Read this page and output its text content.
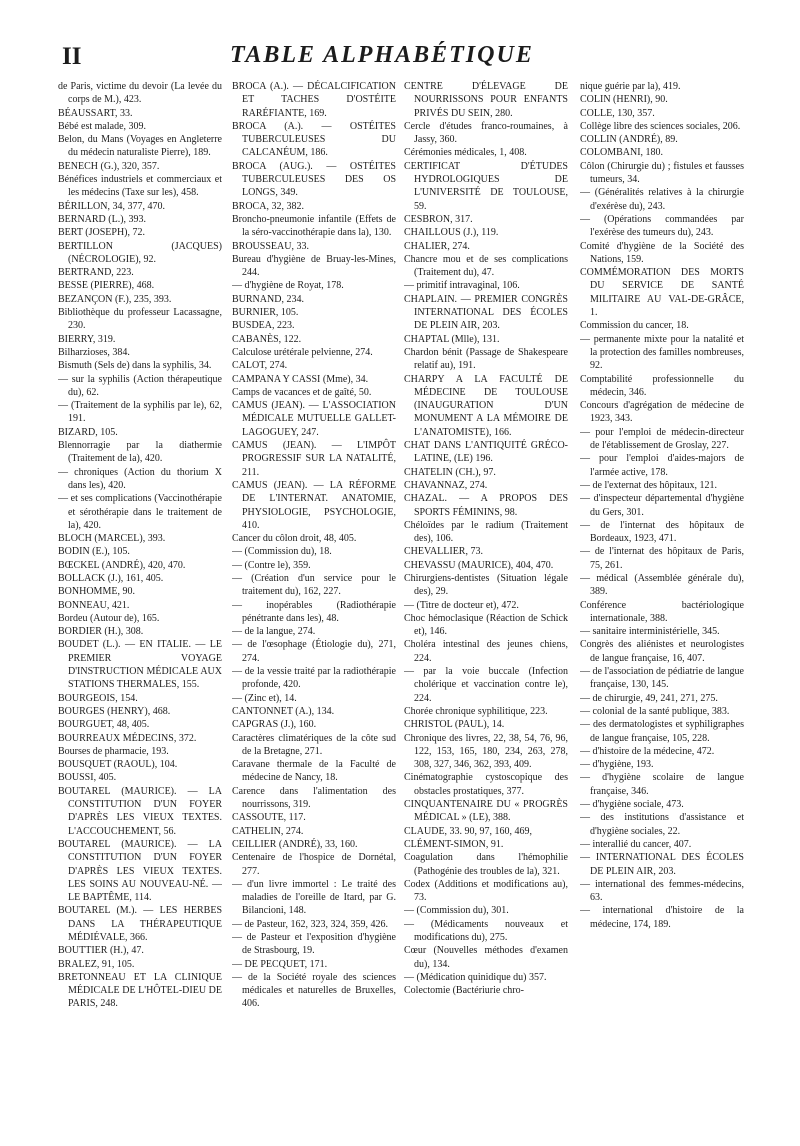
II	TABLE ALPHABÉTIQUE

de Paris, victime du devoir (La levée du corps de M.), 423.

BÉAUSSART, 33.

Bébé est malade, 309.

Belon, du Mans (Voyages en Angleterre du médecin naturaliste Pierre), 189.

BENECH (G.), 320, 357.

Bénéfices industriels et commerciaux et les médecins (Taxe sur les), 458.

BÉRILLON, 34, 377, 470.

BERNARD (L.), 393.

BERT (JOSEPH), 72.

BERTILLON (JACQUES) (NÉCROLOGIE), 92.

BERTRAND, 223.

BESSE (PIERRE), 468.

BEZANÇON (F.), 235, 393.

Bibliothèque du professeur Lacassagne, 230.

BIERRY, 319.

Bilharzioses, 384.

Bismuth (Sels de) dans la syphilis, 34.

— sur la syphilis (Action thérapeutique du), 62.

— (Traitement de la syphilis par le), 62, 191.

BIZARD, 105.

Blennorragie par la diathermie (Traitement de la), 420.

— chroniques (Action du thorium X dans les), 420.

— et ses complications (Vaccinothérapie et sérothérapie dans le traitement de la), 420.

BLOCH (MARCEL), 393.

BODIN (E.), 105.

BŒCKEL (ANDRÉ), 420, 470.

BOLLACK (J.), 161, 405.

BONHOMME, 90.

BONNEAU, 421.

Bordeu (Autour de), 165.

BORDIER (H.), 308.

BOUDET (L.). — EN ITALIE. — LE PREMIER VOYAGE D'INSTRUCTION MÉDICALE AUX STATIONS THERMALES, 155.

BOURGEOIS, 154.

BOURGES (HENRY), 468.

BOURGUET, 48, 405.

BOURREAUX MÉDECINS, 372.

Bourses de pharmacie, 193.

BOUSQUET (RAOUL), 104.

BOUSSI, 405.

BOUTAREL (MAURICE). — LA CONSTITUTION D'UN FOYER D'APRÈS LES VIEUX TEXTES. L'ACCOUCHEMENT, 56.

BOUTAREL (MAURICE). — LA CONSTITUTION D'UN FOYER D'APRÈS LES VIEUX TEXTES. LES SOINS AU NOUVEAU-NÉ. — LE BAPTÊME, 114.

BOUTAREL (M.). — LES HERBES DANS LA THÉRAPEUTIQUE MÉDIÉVALE, 366.

BOUTTIER (H.), 47.

BRALEZ, 91, 105.

BRETONNEAU ET LA CLINIQUE MÉDICALE DE L'HÔTEL-DIEU DE PARIS, 248.

BROCA (A.). — DÉCALCIFICATION ET TACHES D'OSTÉITE RARÉFIANTE, 169.

BROCA (A.). — OSTÉITES TUBERCULEUSES DU CALCANÉUM, 186.

BROCA (AUG.). — OSTÉITES TUBERCULEUSES DES OS LONGS, 349.

BROCA, 32, 382.

Broncho-pneumonie infantile (Effets de la séro-vaccinothérapie dans la), 130.

BROUSSEAU, 33.

Bureau d'hygiène de Bruay-les-Mines, 244.

— d'hygiène de Royat, 178.

BURNAND, 234.

BURNIER, 105.

BUSDEA, 223.

CABANÈS, 122.

Calculose urétérale pelvienne, 274.

CALOT, 274.

CAMPANA Y CASSI (Mme), 34.

Camps de vacances et de gaîté, 50.

CAMUS (JEAN). — L'ASSOCIATION MÉDICALE MUTUELLE GALLET-LAGOGUEY, 247.

CAMUS (JEAN). — L'IMPÔT PROGRESSIF SUR LA NATALITÉ, 211.

CAMUS (JEAN). — LA RÉFORME DE L'INTERNAT. ANATOMIE, PHYSIOLOGIE, PSYCHOLOGIE, 410.

Cancer du côlon droit, 48, 405.

— (Commission du), 18.

— (Contre le), 359.

— (Création d'un service pour le traitement du), 162, 227.

— inopérables (Radiothérapie pénétrante dans les), 48.

— de la langue, 274.

— de l'œsophage (Étiologie du), 271, 274.

— de la vessie traité par la radiothérapie profonde, 420.

— (Zinc et), 14.

CANTONNET (A.), 134.

CAPGRAS (J.), 160.

Caractères climatériques de la côte sud de la Bretagne, 271.

Caravane thermale de la Faculté de médecine de Nancy, 18.

Carence dans l'alimentation des nourrissons, 319.

CASSOUTE, 117.

CATHELIN, 274.

CEILLIER (ANDRÉ), 33, 160.

Centenaire de l'hospice de Dornétal, 277.

— d'un livre immortel : Le traité des maladies de l'oreille de Itard, par G. Bilancioni, 148.

— de Pasteur, 162, 323, 324, 359, 426.

— de Pasteur et l'exposition d'hygiène de Strasbourg, 19.

— DE PECQUET, 171.

— de la Société royale des sciences médicales et naturelles de Bruxelles, 406.

CENTRE D'ÉLEVAGE DE NOURRISSONS POUR ENFANTS PRIVÉS DU SEIN, 280.

Cercle d'études franco-roumaines, à Jassy, 360.

Cérémonies médicales, 1, 408.

CERTIFICAT D'ÉTUDES HYDROLOGIQUES DE L'UNIVERSITÉ DE TOULOUSE, 59.

CESBRON, 317.

CHAILLOUS (J.), 119.

CHALIER, 274.

Chancre mou et de ses complications (Traitement du), 47.

— primitif intravaginal, 106.

CHAPLAIN. — PREMIER CONGRÈS INTERNATIONAL DES ÉCOLES DE PLEIN AIR, 203.

CHAPTAL (Mlle), 131.

Chardon bénit (Passage de Shakespeare relatif au), 191.

CHARPY A LA FACULTÉ DE MÉDECINE DE TOULOUSE (INAUGURATION D'UN MONUMENT A LA MÉMOIRE DE L'ANATOMISTE), 166.

CHAT DANS L'ANTIQUITÉ GRÉCO-LATINE, (LE) 196.

CHATELIN (CH.), 97.

CHAVANNAZ, 274.

CHAZAL. — A PROPOS DES SPORTS FÉMININS, 98.

Chéloïdes par le radium (Traitement des), 106.

CHEVALLIER, 73.

CHEVASSU (MAURICE), 404, 470.

Chirurgiens-dentistes (Situation légale des), 29.

— (Titre de docteur et), 472.

Choc hémoclasique (Réaction de Schick et), 146.

Choléra intestinal des jeunes chiens, 224.

— par la voie buccale (Infection cholérique et vaccination contre le), 224.

Chorée chronique syphilitique, 223.

CHRISTOL (PAUL), 14.

Chronique des livres, 22, 38, 54, 76, 96, 122, 153, 165, 180, 234, 263, 278, 308, 327, 346, 362, 393, 409.

Cinématographie cystoscopique des obstacles prostatiques, 377.

CINQUANTENAIRE DU « PROGRÈS MÉDICAL » (LE), 388.

CLAUDE, 33. 90, 97, 160, 469,

CLÉMENT-SIMON, 91.

Coagulation dans l'hémophilie (Pathogénie des troubles de la), 321.

Codex (Additions et modifications au), 73.

— (Commission du), 301.

— (Médicaments nouveaux et modifications du), 275.

Cœur (Nouvelles méthodes d'examen du), 134.

— (Médication quinidique du) 357.

Colectomie (Bactériurie chro-

nique guérie par la), 419.

COLIN (HENRI), 90.

COLLE, 130, 357.

Collège libre des sciences sociales, 206.

COLLIN (ANDRÉ), 89.

COLOMBANI, 180.

Côlon (Chirurgie du) ; fistules et fausses tumeurs, 34.

— (Généralités relatives à la chirurgie d'exérèse du), 243.

— (Opérations commandées par l'exérèse des tumeurs du), 243.

Comité d'hygiène de la Société des Nations, 159.

COMMÉMORATION DES MORTS DU SERVICE DE SANTÉ MILITAIRE AU VAL-DE-GRÂCE, 1.

Commission du cancer, 18.

— permanente mixte pour la natalité et la protection des familles nombreuses, 92.

Comptabilité professionnelle du médecin, 346.

Concours d'agrégation de médecine de 1923, 343.

— pour l'emploi de médecin-directeur de l'établissement de Groslay, 227.

— pour l'emploi d'aides-majors de l'armée active, 178.

— de l'externat des hôpitaux, 121.

— d'inspecteur départemental d'hygiène du Gers, 301.

— de l'internat des hôpitaux de Bordeaux, 1923, 471.

— de l'internat des hôpitaux de Paris, 75, 261.

— médical (Assemblée générale du), 389.

Conférence bactériologique internationale, 388.

— sanitaire interministérielle, 345.

Congrès des aliénistes et neurologistes de langue française, 16, 407.

— de l'association de pédiatrie de langue française, 130, 145.

— de chirurgie, 49, 241, 271, 275.

— colonial de la santé publique, 383.

— des dermatologistes et syphiligraphes de langue française, 105, 228.

— d'histoire de la médecine, 472.

— d'hygiène, 193.

— d'hygiène scolaire de langue française, 346.

— d'hygiène sociale, 473.

— des institutions d'assistance et d'hygiène sociales, 22.

— interallié du cancer, 407.

— INTERNATIONAL DES ÉCOLES DE PLEIN AIR, 203.

— international des femmes-médecins, 63.

— international d'histoire de la médecine, 174, 189.
